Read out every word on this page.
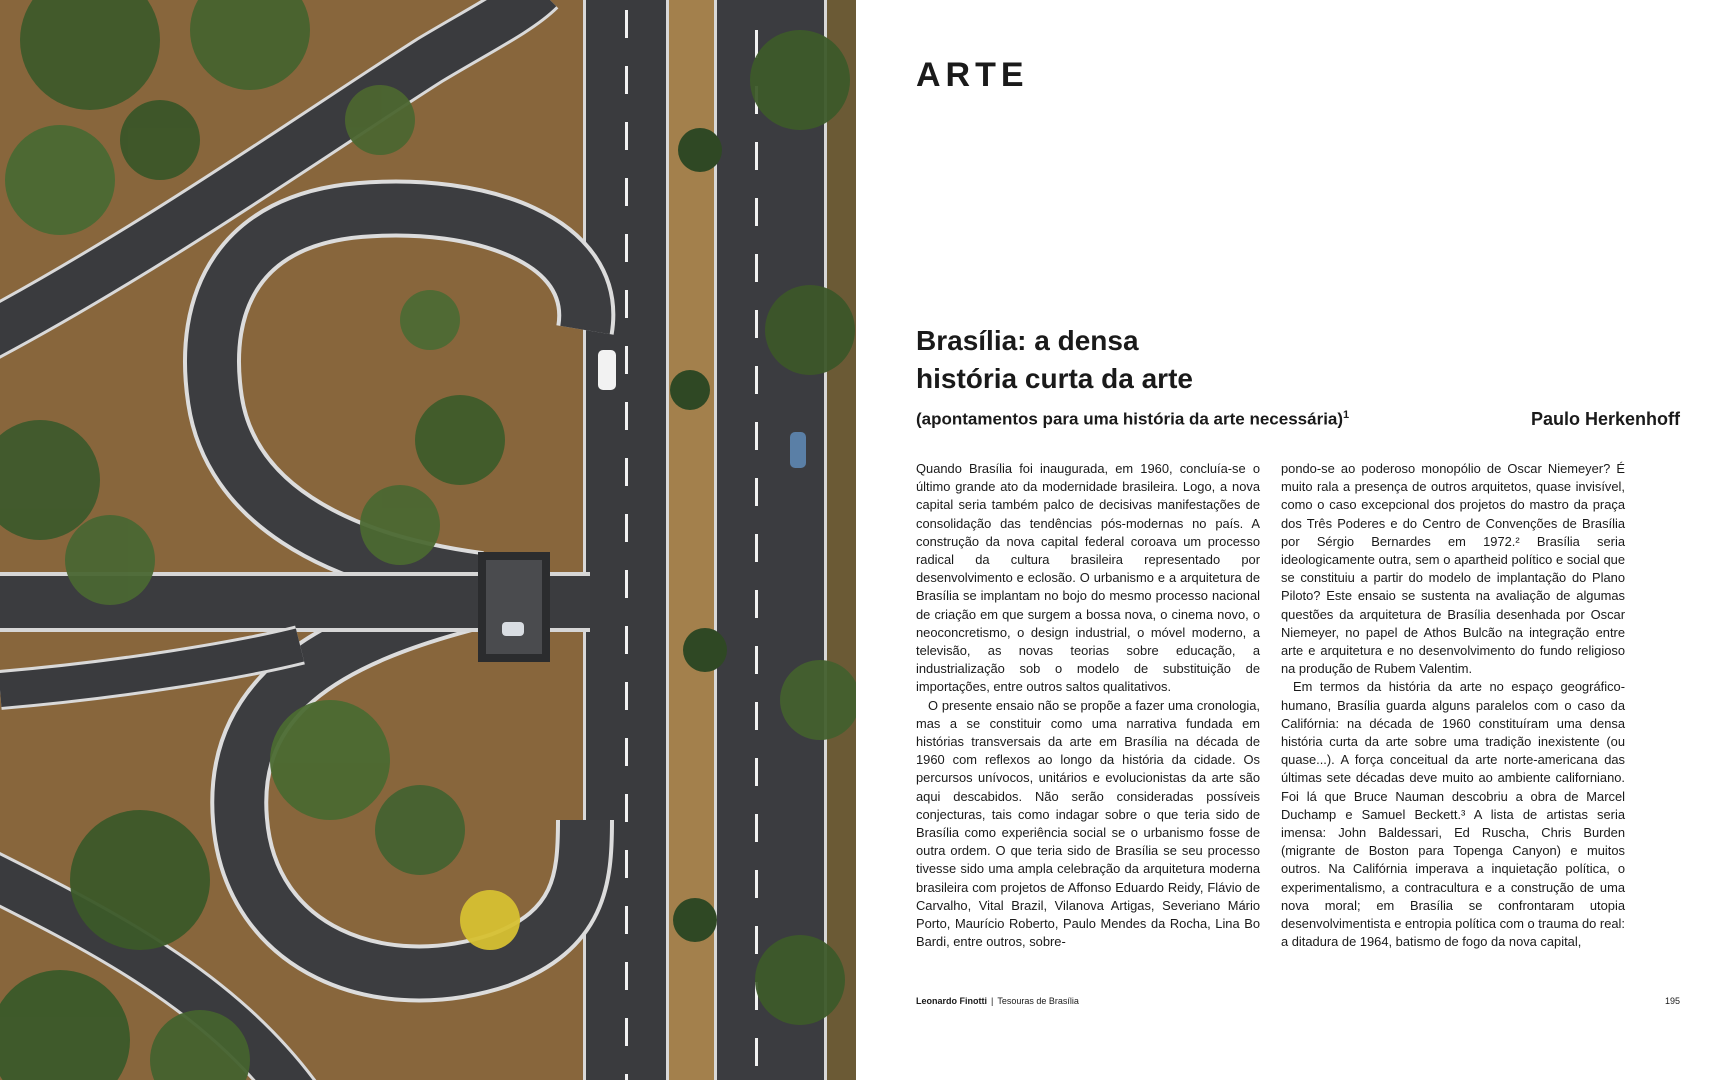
ARTE
Brasília: a densa
história curta da arte

(apontamentos para uma história da arte necessária)$^1$	Paulo Herkenhoff

Quando Brasília foi inaugurada, em 1960, concluía-se o último grande ato da modernidade brasileira. Logo, a nova capital seria também palco de decisivas manifestações de consolidação das tendências pós-modernas no país. A construção da nova capital federal coroava um processo radical da cultura brasileira representado por desenvolvimento e eclosão. O urbanismo e a arquitetura de Brasília se implantam no bojo do mesmo processo nacional de criação em que surgem a bossa nova, o cinema novo, o neoconcretismo, o design industrial, o móvel moderno, a televisão, as novas teorias sobre educação, a industrialização sob o modelo de substituição de importações, entre outros saltos qualitativos.

O presente ensaio não se propõe a fazer uma cronologia, mas a se constituir como uma narrativa fundada em histórias transversais da arte em Brasília na década de 1960 com reflexos ao longo da história da cidade. Os percursos unívocos, unitários e evolucionistas da arte são aqui descabidos. Não serão consideradas possíveis conjecturas, tais como indagar sobre o que teria sido de Brasília como experiência social se o urbanismo fosse de outra ordem. O que teria sido de Brasília se seu processo tivesse sido uma ampla celebração da arquitetura moderna brasileira com projetos de Affonso Eduardo Reidy, Flávio de Carvalho, Vital Brazil, Vilanova Artigas, Severiano Mário Porto, Maurício Roberto, Paulo Mendes da Rocha, Lina Bo Bardi, entre outros, sobre-

pondo-se ao poderoso monopólio de Oscar Niemeyer? É muito rala a presença de outros arquitetos, quase invisível, como o caso excepcional dos projetos do mastro da praça dos Três Poderes e do Centro de Convenções de Brasília por Sérgio Bernardes em 1972.² Brasília seria ideologicamente outra, sem o apartheid político e social que se constituiu a partir do modelo de implantação do Plano Piloto? Este ensaio se sustenta na avaliação de algumas questões da arquitetura de Brasília desenhada por Oscar Niemeyer, no papel de Athos Bulcão na integração entre arte e arquitetura e no desenvolvimento do fundo religioso na produção de Rubem Valentim.

Em termos da história da arte no espaço geográfico-humano, Brasília guarda alguns paralelos com o caso da Califórnia: na década de 1960 constituíram uma densa história curta da arte sobre uma tradição inexistente (ou quase...). A força conceitual da arte norte-americana das últimas sete décadas deve muito ao ambiente californiano. Foi lá que Bruce Nauman descobriu a obra de Marcel Duchamp e Samuel Beckett.³ A lista de artistas seria imensa: John Baldessari, Ed Ruscha, Chris Burden (migrante de Boston para Topenga Canyon) e muitos outros. Na Califórnia imperava a inquietação política, o experimentalismo, a contracultura e a construção de uma nova moral; em Brasília se confrontaram utopia desenvolvimentista e entropia política com o trauma do real: a ditadura de 1964, batismo de fogo da nova capital,

Leonardo Finotti | Tesouras de Brasília	195
